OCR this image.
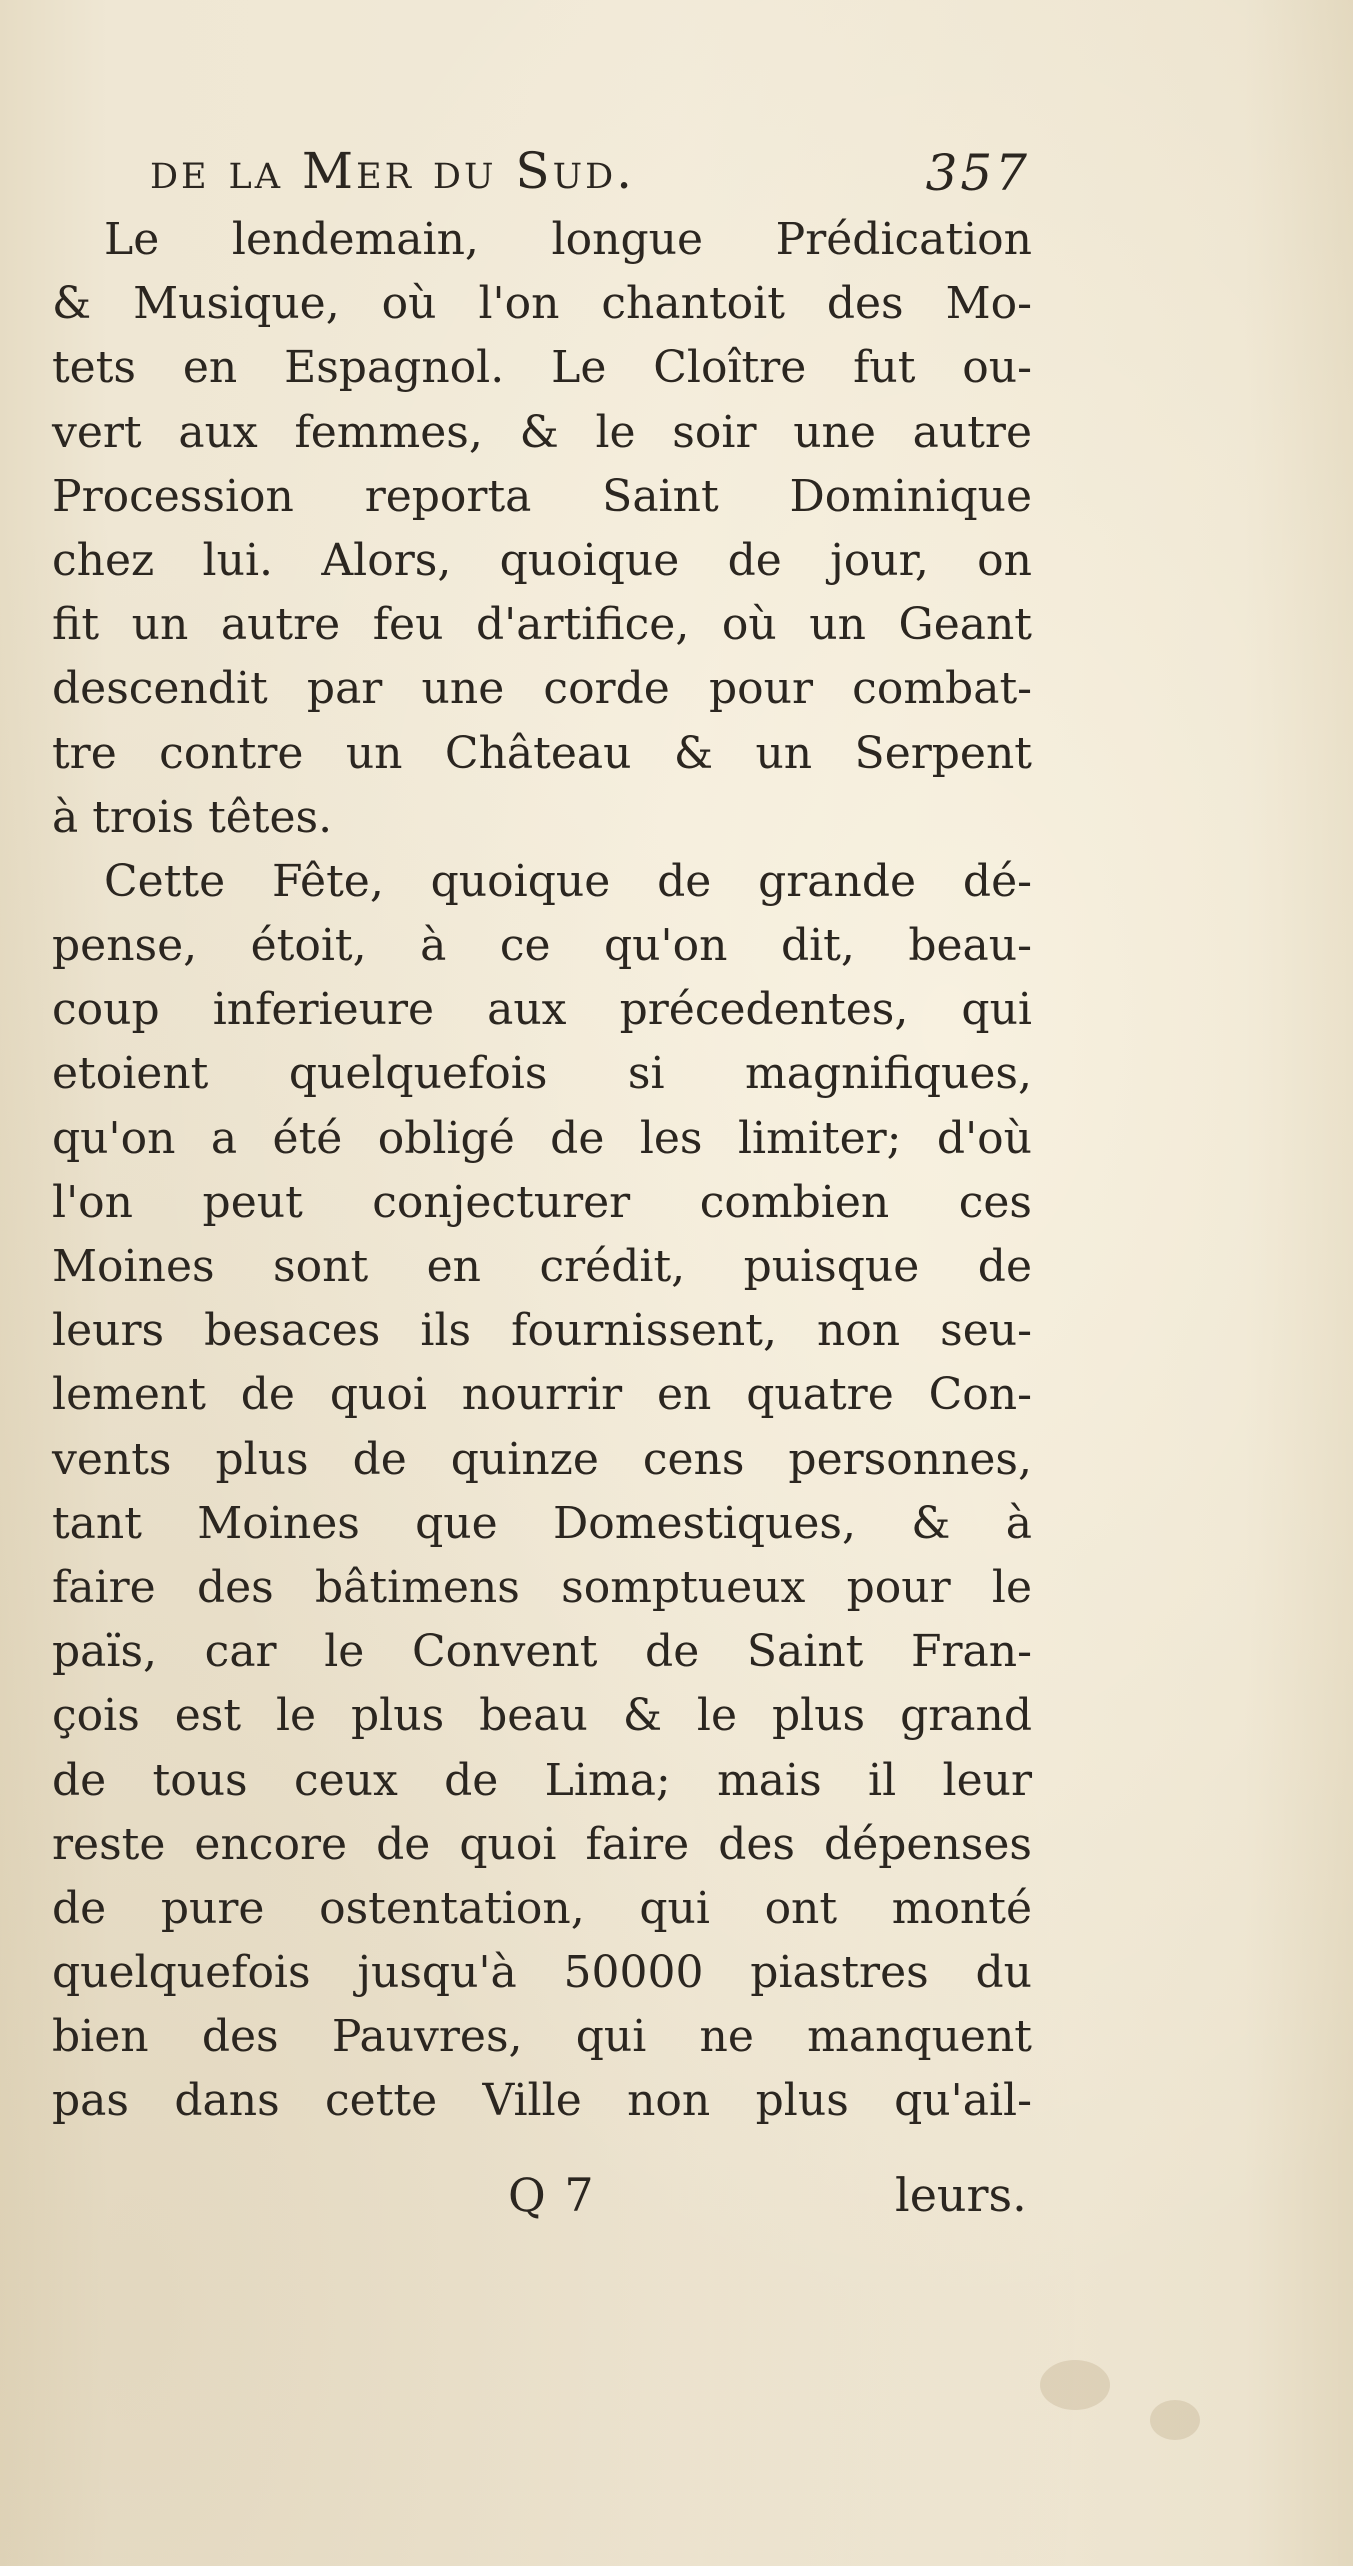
de la Mer du Sud.	357
Le lendemain, longue Prédication
& Musique, où l'on chantoit des Mo-
tets en Espagnol. Le Cloître fut ou-
vert aux femmes, & le soir une autre
Procession reporta Saint Dominique
chez lui. Alors, quoique de jour, on
fit un autre feu d'artifice, où un Geant
descendit par une corde pour combat-
tre contre un Château & un Serpent
à trois têtes.
Cette Fête, quoique de grande dé-
pense, étoit, à ce qu'on dit, beau-
coup inferieure aux précedentes, qui
etoient quelquefois si magnifiques,
qu'on a été obligé de les limiter; d'où
l'on peut conjecturer combien ces
Moines sont en crédit, puisque de
leurs besaces ils fournissent, non seu-
lement de quoi nourrir en quatre Con-
vents plus de quinze cens personnes,
tant Moines que Domestiques, & à
faire des bâtimens somptueux pour le
païs, car le Convent de Saint Fran-
çois est le plus beau & le plus grand
de tous ceux de Lima; mais il leur
reste encore de quoi faire des dépenses
de pure ostentation, qui ont monté
quelquefois jusqu'à 50000 piastres du
bien des Pauvres, qui ne manquent
pas dans cette Ville non plus qu'ail-
Q 7	leurs.
